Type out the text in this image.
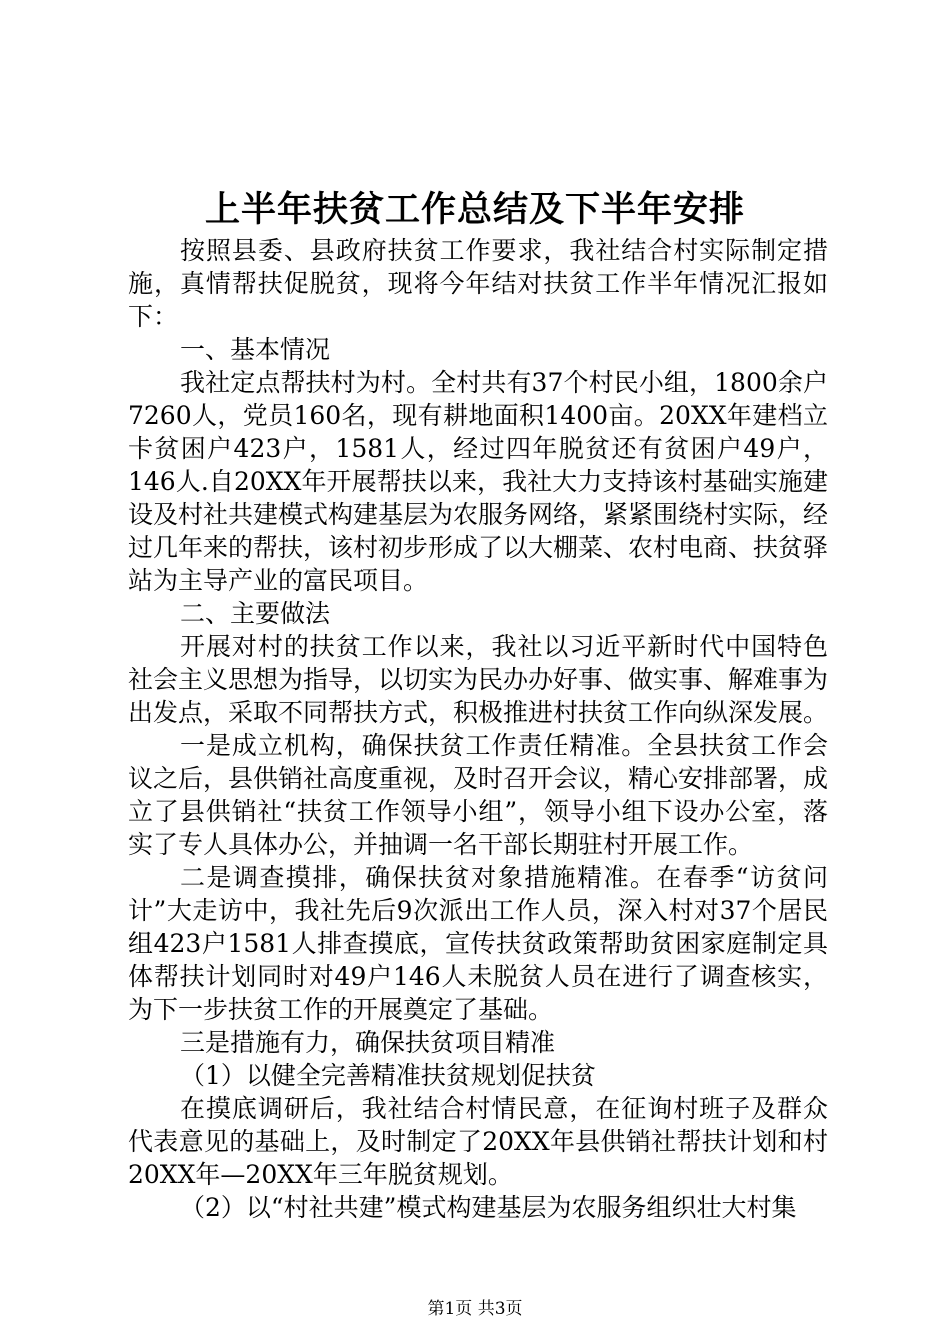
上半年扶贫工作总结及下半年安排

按照县委、县政府扶贫工作要求，我社结合村实际制定措施，真情帮扶促脱贫，现将今年结对扶贫工作半年情况汇报如下：

一、基本情况

我社定点帮扶村为村。全村共有37个村民小组，1800余户7260人，党员160名，现有耕地面积1400亩。20XX年建档立卡贫困户423户，1581人，经过四年脱贫还有贫困户49户，146人.自20XX年开展帮扶以来，我社大力支持该村基础实施建设及村社共建模式构建基层为农服务网络，紧紧围绕村实际，经过几年来的帮扶，该村初步形成了以大棚菜、农村电商、扶贫驿站为主导产业的富民项目。

二、主要做法

开展对村的扶贫工作以来，我社以习近平新时代中国特色社会主义思想为指导，以切实为民办办好事、做实事、解难事为出发点，采取不同帮扶方式，积极推进村扶贫工作向纵深发展。

一是成立机构，确保扶贫工作责任精准。全县扶贫工作会议之后，县供销社高度重视，及时召开会议，精心安排部署，成立了县供销社“扶贫工作领导小组”，领导小组下设办公室，落实了专人具体办公，并抽调一名干部长期驻村开展工作。

二是调查摸排，确保扶贫对象措施精准。在春季“访贫问计”大走访中，我社先后9次派出工作人员，深入村对37个居民组423户1581人排查摸底，宣传扶贫政策帮助贫困家庭制定具体帮扶计划同时对49户146人未脱贫人员在进行了调查核实，为下一步扶贫工作的开展奠定了基础。

三是措施有力，确保扶贫项目精准

（1）以健全完善精准扶贫规划促扶贫

在摸底调研后，我社结合村情民意，在征询村班子及群众代表意见的基础上，及时制定了20XX年县供销社帮扶计划和村20XX年—20XX年三年脱贫规划。

（2）以“村社共建”模式构建基层为农服务组织壮大村集

第1页 共3页
